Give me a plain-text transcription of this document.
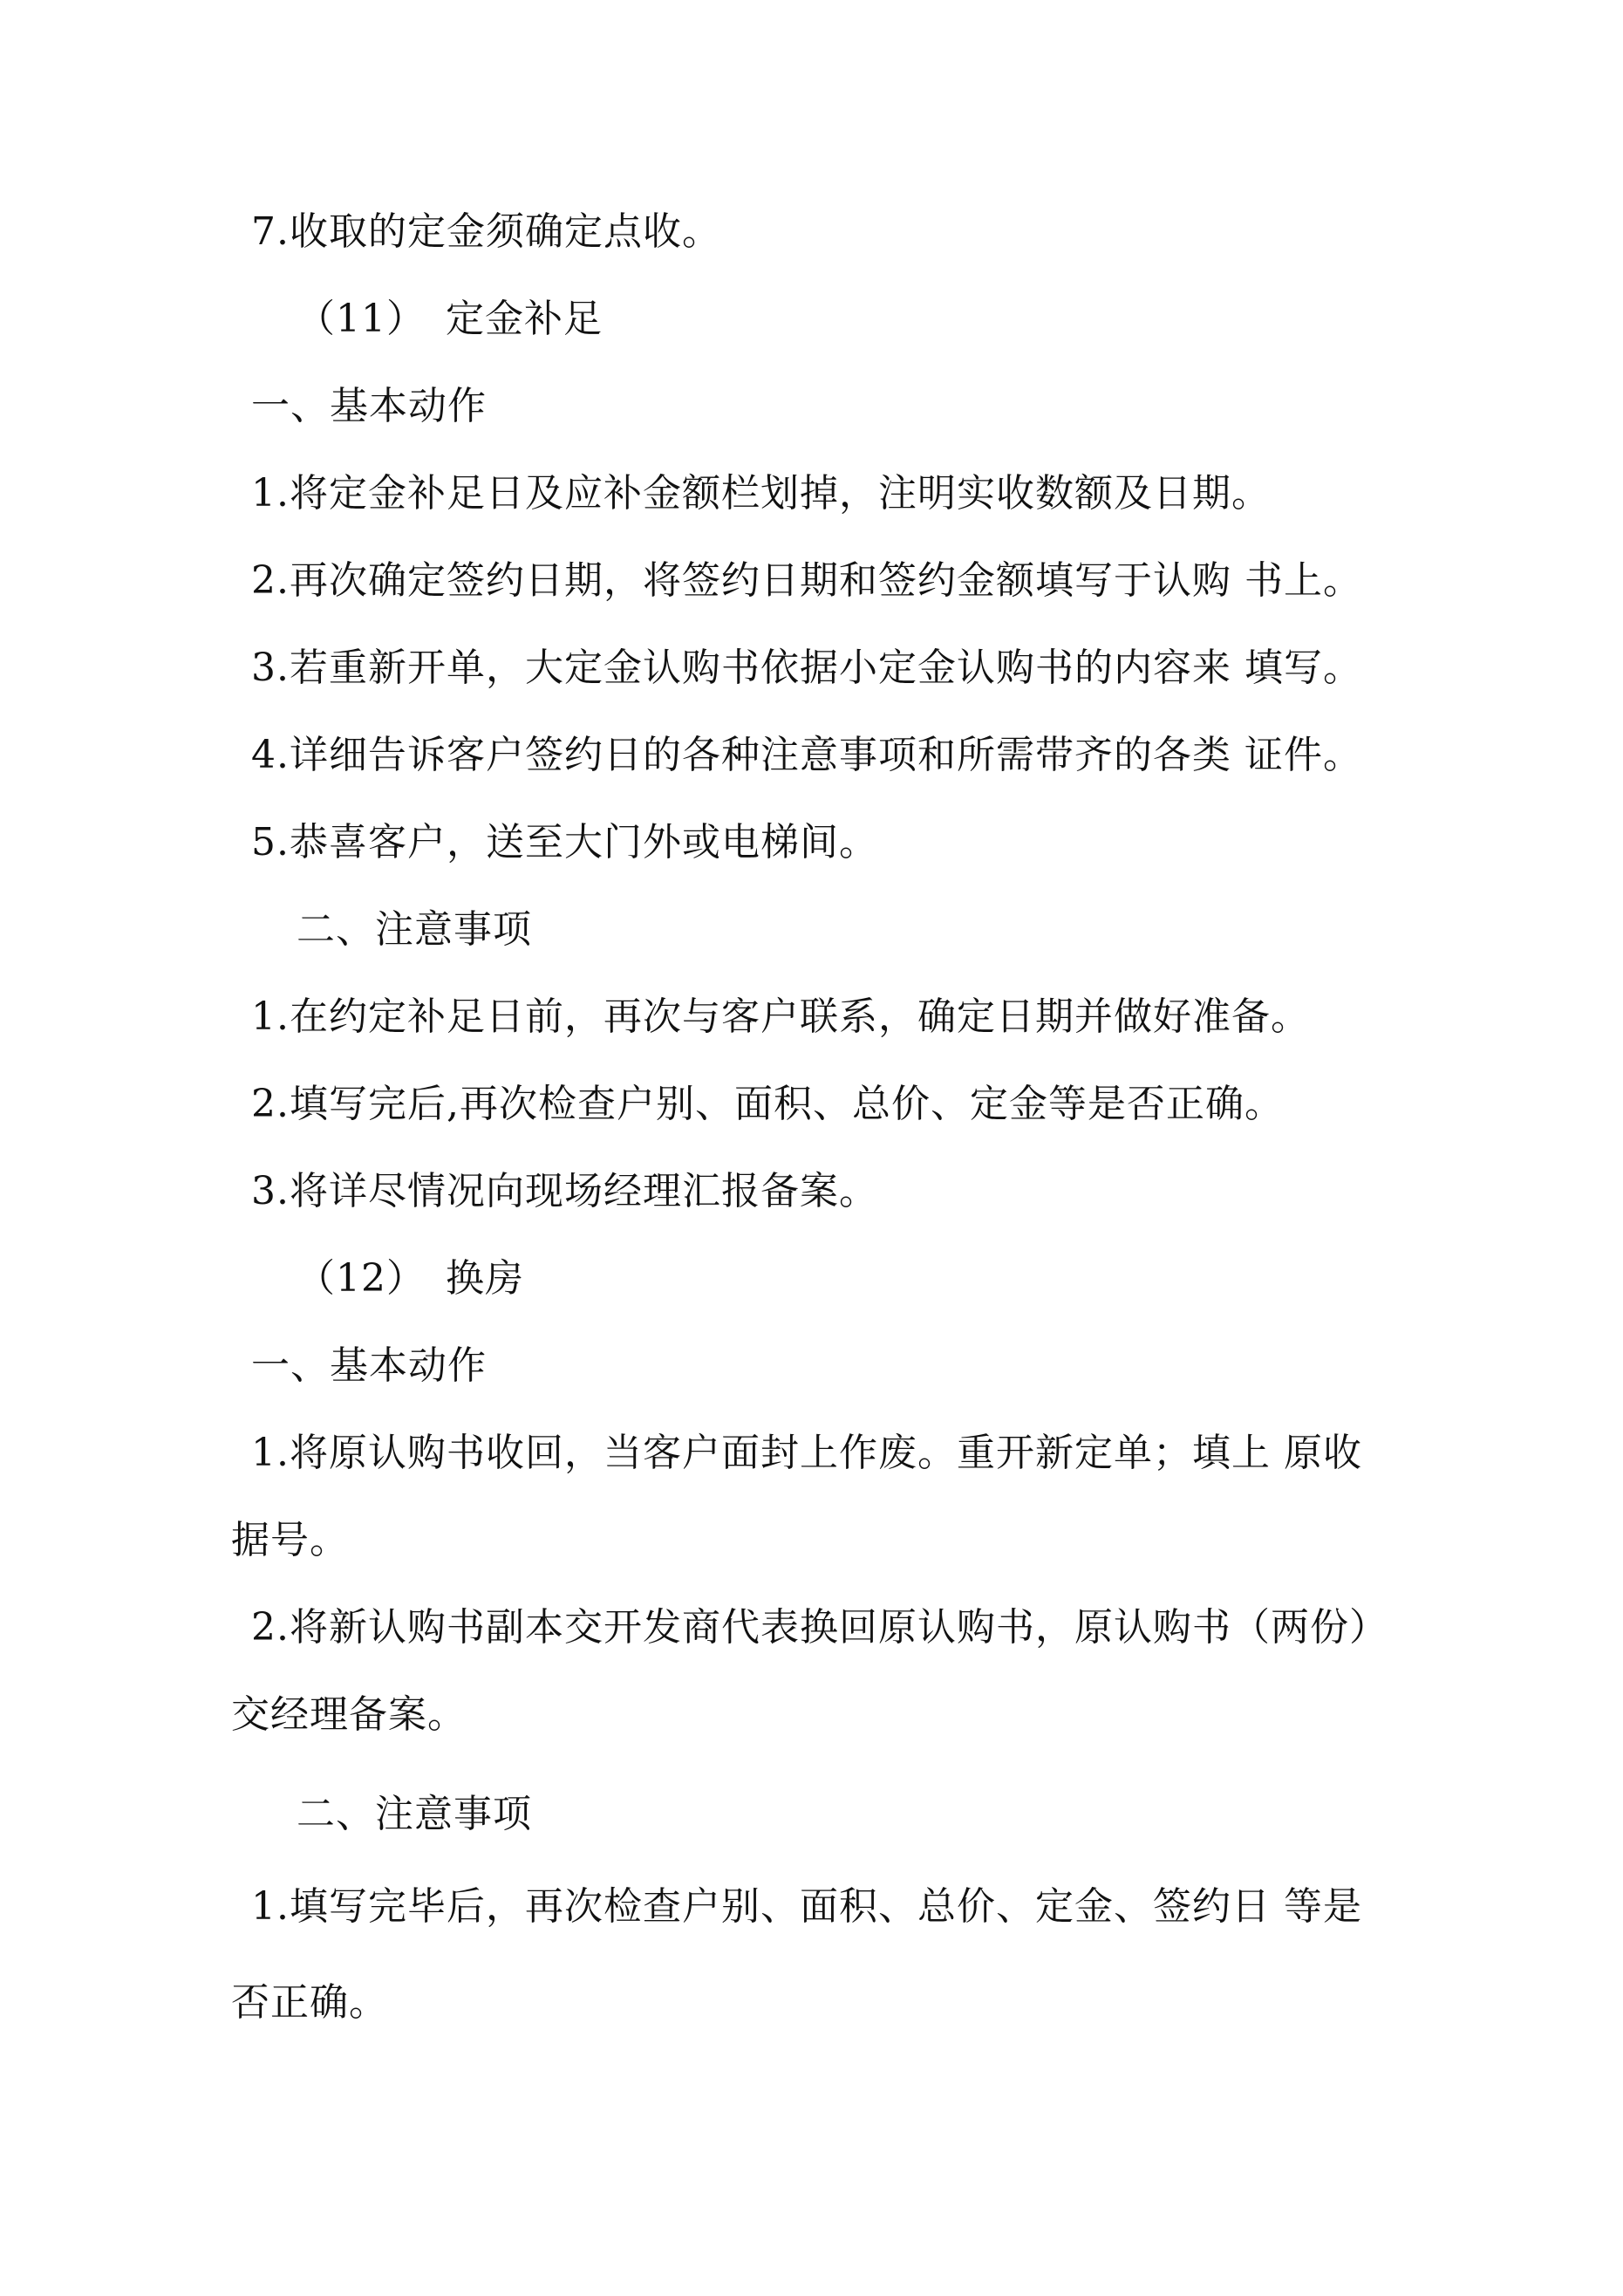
7.收取的定金须确定点收。
（11）　定金补足
一、基本动作
1.将定金补足日及应补金额栏划掉，注明实收数额及日期。
2.再次确定签约日期，将签约日期和签约金额填写于认购 书上。
3.若重新开单，大定金认购书依据小定金认购书的内容来 填写。
4.详细告诉客户签约日的各种注意事项和所需带齐的各类 证件。
5.恭喜客户，送至大门外或电梯间。
二、注意事项
1.在约定补足日前，再次与客户联系，确定日期并做好准备。
2.填写完后,再次检查户别、面积、总价、定金等是否正确。
3.将详尽情况向现场经理汇报备案。
（12）　换房
一、基本动作
1.将原认购书收回，当客户面封上作废。重开新定单；填上 原收
据号。
2.将新认购书副本交开发商代表换回原认购书，原认购书（两份）
交经理备案。
二、注意事项
1.填写完毕后，再次检查户别、面积、总价、定金、签约日 等是
否正确。
